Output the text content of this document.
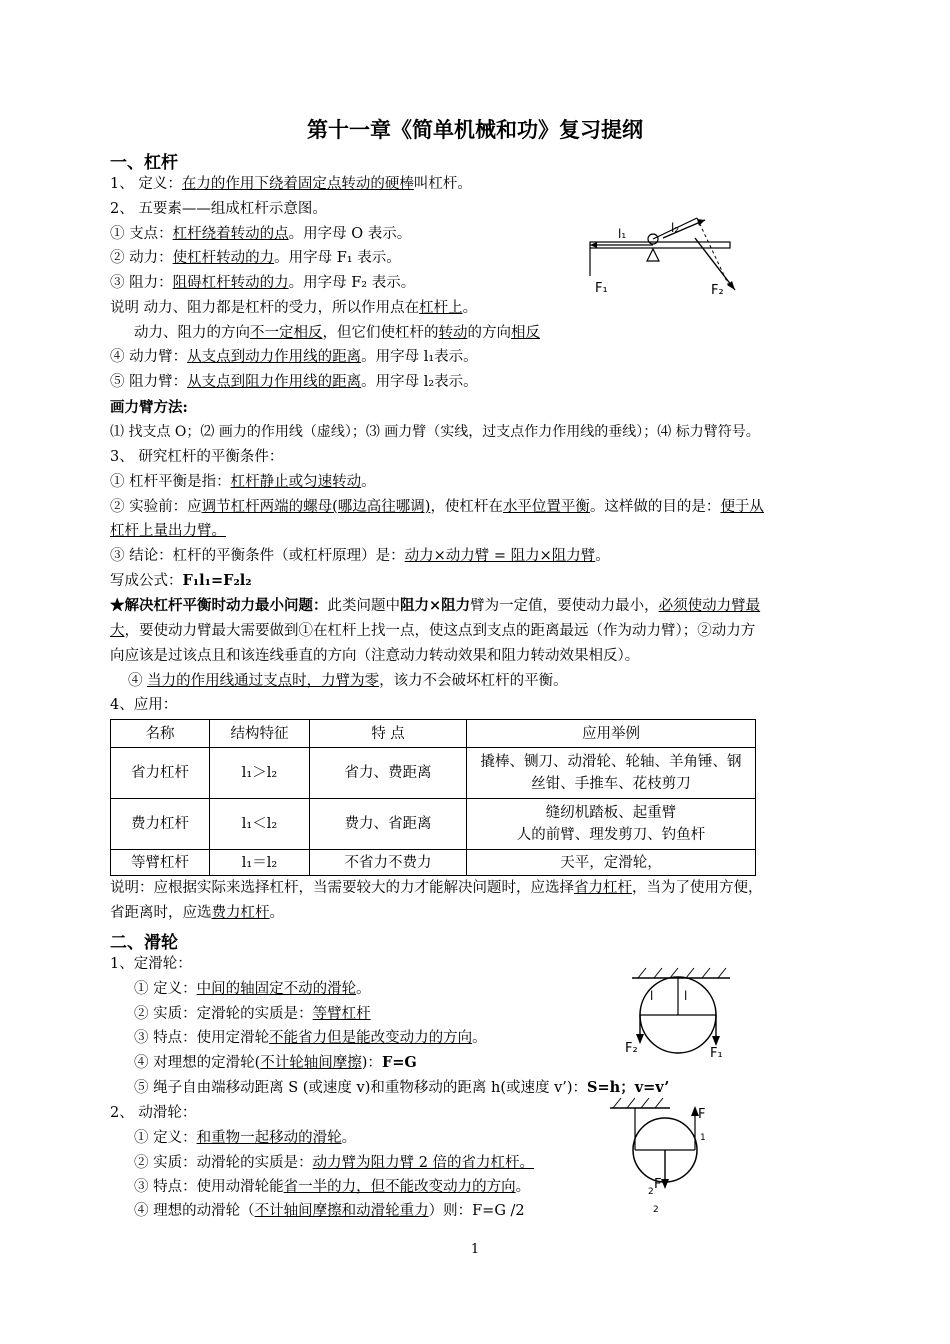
第十一章《简单机械和功》复习提纲
一、杠杆
1、 定义：在力的作用下绕着固定点转动的硬棒叫杠杆。
2、 五要素——组成杠杆示意图。
① 支点：杠杆绕着转动的点。用字母 O 表示。
② 动力：使杠杆转动的力。用字母 F₁ 表示。
③ 阻力：阻碍杠杆转动的力。用字母 F₂ 表示。
说明 动力、阻力都是杠杆的受力，所以作用点在杠杆上。
动力、阻力的方向不一定相反，但它们使杠杆的转动的方向相反
④ 动力臂：从支点到动力作用线的距离。用字母 l₁表示。
⑤ 阻力臂：从支点到阻力作用线的距离。用字母 l₂表示。
画力臂方法:
⑴ 找支点 O；⑵ 画力的作用线（虚线）；⑶ 画力臂（实线，过支点作力作用线的垂线）；⑷ 标力臂符号。
3、 研究杠杆的平衡条件：
① 杠杆平衡是指：杠杆静止或匀速转动。
② 实验前：应调节杠杆两端的螺母(哪边高往哪调)，使杠杆在水平位置平衡。这样做的目的是：便于从
杠杆上量出力臂。
③ 结论：杠杆的平衡条件（或杠杆原理）是：动力×动力臂 = 阻力×阻力臂。
写成公式：F₁l₁=F₂l₂
★解决杠杆平衡时动力最小问题：此类问题中阻力×阻力臂为一定值，要使动力最小，必须使动力臂最
大，要使动力臂最大需要做到①在杠杆上找一点，使这点到支点的距离最远（作为动力臂）；②动力方
向应该是过该点且和该连线垂直的方向（注意动力转动效果和阻力转动效果相反）。
④ 当力的作用线通过支点时，力臂为零，该力不会破坏杠杆的平衡。
4、应用：
名称	结构特征	特 点	应用举例
省力杠杆	l₁＞l₂	省力、费距离	撬棒、铡刀、动滑轮、轮轴、羊角锤、钢
丝钳、手推车、花枝剪刀

费力杠杆	l₁＜l₂	费力、省距离	缝纫机踏板、起重臂
人的前臂、理发剪刀、钓鱼杆

等臂杠杆	l₁＝l₂	不省力不费力	天平，定滑轮，
说明：应根据实际来选择杠杆，当需要较大的力才能解决问题时，应选择省力杠杆，当为了使用方便，
省距离时，应选费力杠杆。
二、滑轮
1、定滑轮：
① 定义：中间的轴固定不动的滑轮。
② 实质：定滑轮的实质是：等臂杠杆
③ 特点：使用定滑轮不能省力但是能改变动力的方向。
④ 对理想的定滑轮(不计轮轴间摩擦)：F=G
⑤ 绳子自由端移动距离 S (或速度 v)和重物移动的距离 h(或速度 v’)：S=h；v=v’
2、 动滑轮：
① 定义：和重物一起移动的滑轮。
② 实质：动滑轮的实质是：动力臂为阻力臂 2 倍的省力杠杆。
③ 特点：使用动滑轮能省一半的力，但不能改变动力的方向。
④ 理想的动滑轮（不计轴间摩擦和动滑轮重力）则：F=G /2
1
l₁	l₂
F₁	F₂
l	l
F₂	F₁
F
1
2 F
2
